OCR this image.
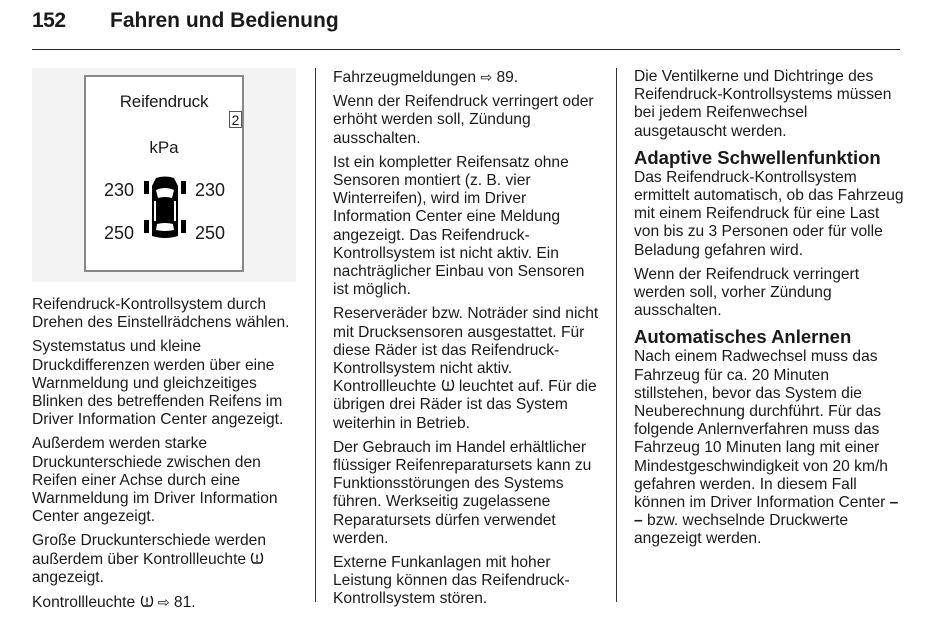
152 Fahren und Bedienung
Reifendruck
2
kPa
230	230
250	250

Reifendruck-Kontrollsystem durch Drehen des Einstellrädchens wählen.

Systemstatus und kleine Druckdifferenzen werden über eine Warnmeldung und gleichzeitiges Blinken des betreffenden Reifens im Driver Information Center angezeigt.

Außerdem werden starke Druckunterschiede zwischen den Reifen einer Achse durch eine Warnmeldung im Driver Information Center angezeigt.

Große Druckunterschiede werden außerdem über Kontrollleuchte  angezeigt.

Kontrollleuchte  ⇨ 81.

Fahrzeugmeldungen ⇨ 89.

Wenn der Reifendruck verringert oder erhöht werden soll, Zündung ausschalten.

Ist ein kompletter Reifensatz ohne Sensoren montiert (z. B. vier Winterreifen), wird im Driver Information Center eine Meldung angezeigt. Das Reifendruck-Kontrollsystem ist nicht aktiv. Ein nachträglicher Einbau von Sensoren ist möglich.

Reserveräder bzw. Noträder sind nicht mit Drucksensoren ausgestattet. Für diese Räder ist das Reifendruck-Kontrollsystem nicht aktiv. Kontrollleuchte  leuchtet auf. Für die übrigen drei Räder ist das System weiterhin in Betrieb.

Der Gebrauch im Handel erhältlicher flüssiger Reifenreparatursets kann zu Funktionsstörungen des Systems führen. Werkseitig zugelassene Reparatursets dürfen verwendet werden.

Externe Funkanlagen mit hoher Leistung können das Reifendruck-Kontrollsystem stören.

Die Ventilkerne und Dichtringe des Reifendruck-Kontrollsystems müssen bei jedem Reifenwechsel ausgetauscht werden.

Adaptive Schwellenfunktion

Das Reifendruck-Kontrollsystem ermittelt automatisch, ob das Fahrzeug mit einem Reifendruck für eine Last von bis zu 3 Personen oder für volle Beladung gefahren wird.

Wenn der Reifendruck verringert werden soll, vorher Zündung ausschalten.

Automatisches Anlernen

Nach einem Radwechsel muss das Fahrzeug für ca. 20 Minuten stillstehen, bevor das System die Neuberechnung durchführt. Für das folgende Anlernverfahren muss das Fahrzeug 10 Minuten lang mit einer Mindestgeschwindigkeit von 20 km/h gefahren werden. In diesem Fall können im Driver Information Center – – bzw. wechselnde Druckwerte angezeigt werden.
